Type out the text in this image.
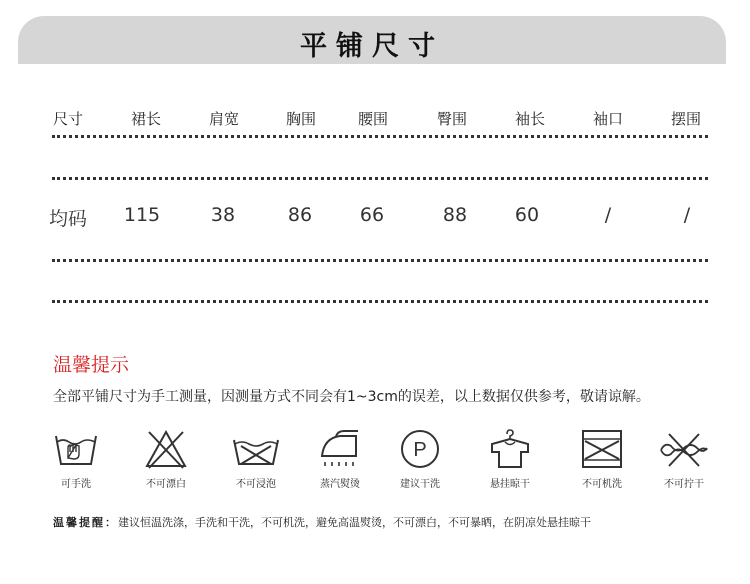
平铺尺寸
尺寸	裙长	肩宽	胸围	腰围	臀围	袖长	袖口	摆围
均码	115	38	86	66	88	60	/	/
温馨提示
全部平铺尺寸为手工测量，因测量方式不同会有1~3cm的误差，以上数据仅供参考，敬请谅解。
可手洗	不可漂白	不可浸泡	蒸汽熨烫
P
建议干洗	悬挂晾干	不可机洗	不可拧干
温馨提醒：建议恒温洗涤，手洗和干洗，不可机洗，避免高温熨烫，不可漂白，不可暴晒，在阴凉处悬挂晾干
